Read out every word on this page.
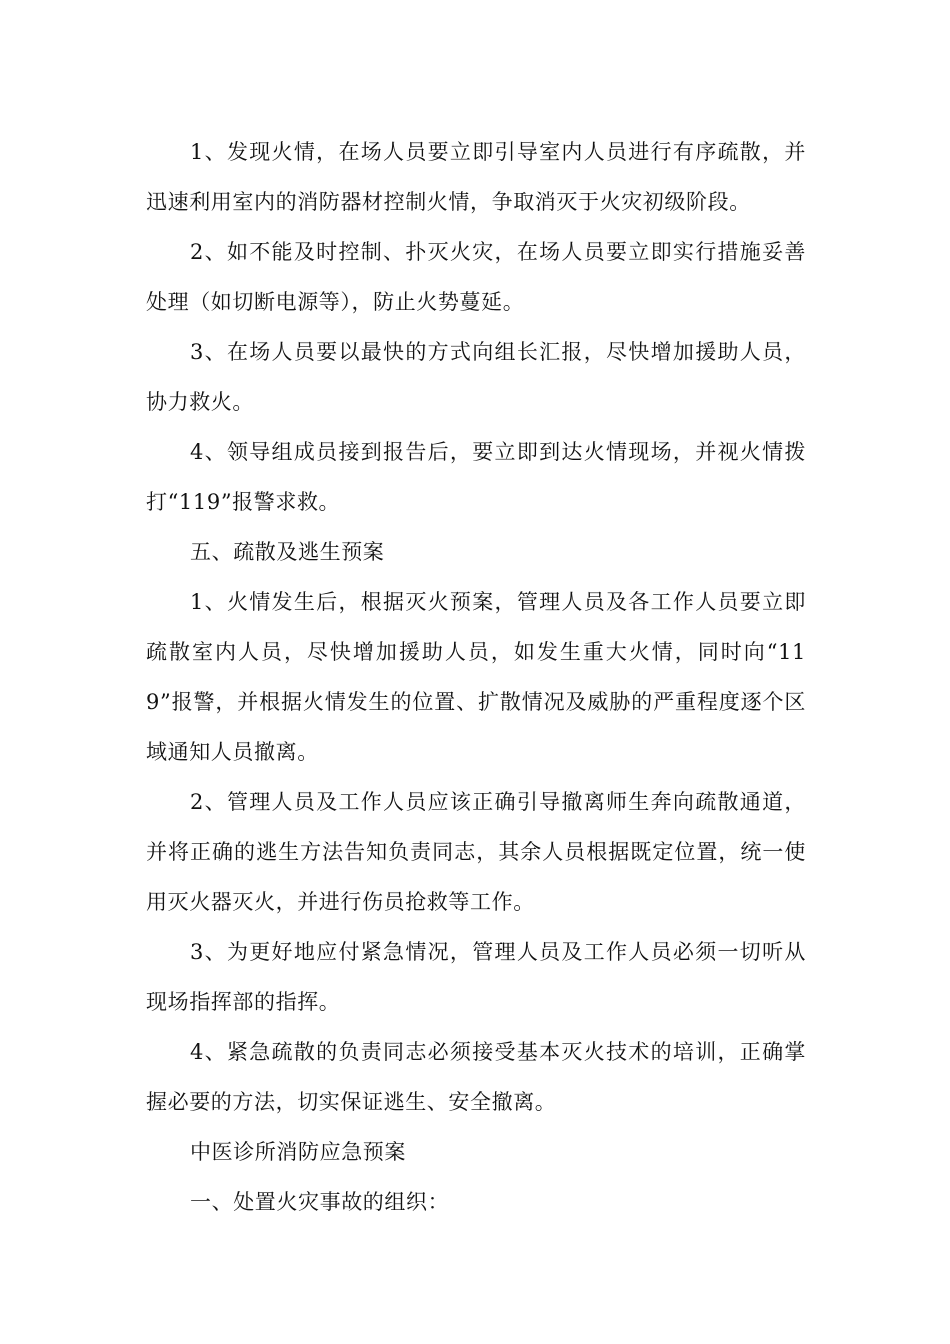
1、发现火情，在场人员要立即引导室内人员进行有序疏散，并迅速利用室内的消防器材控制火情，争取消灭于火灾初级阶段。

2、如不能及时控制、扑灭火灾，在场人员要立即实行措施妥善处理（如切断电源等），防止火势蔓延。

3、在场人员要以最快的方式向组长汇报，尽快增加援助人员，协力救火。

4、领导组成员接到报告后，要立即到达火情现场，并视火情拨打“119”报警求救。

五、疏散及逃生预案

1、火情发生后，根据灭火预案，管理人员及各工作人员要立即疏散室内人员，尽快增加援助人员，如发生重大火情，同时向“119”报警，并根据火情发生的位置、扩散情况及威胁的严重程度逐个区域通知人员撤离。

2、管理人员及工作人员应该正确引导撤离师生奔向疏散通道，并将正确的逃生方法告知负责同志，其余人员根据既定位置，统一使用灭火器灭火，并进行伤员抢救等工作。

3、为更好地应付紧急情况，管理人员及工作人员必须一切听从现场指挥部的指挥。

4、紧急疏散的负责同志必须接受基本灭火技术的培训，正确掌握必要的方法，切实保证逃生、安全撤离。

中医诊所消防应急预案

一、处置火灾事故的组织：
